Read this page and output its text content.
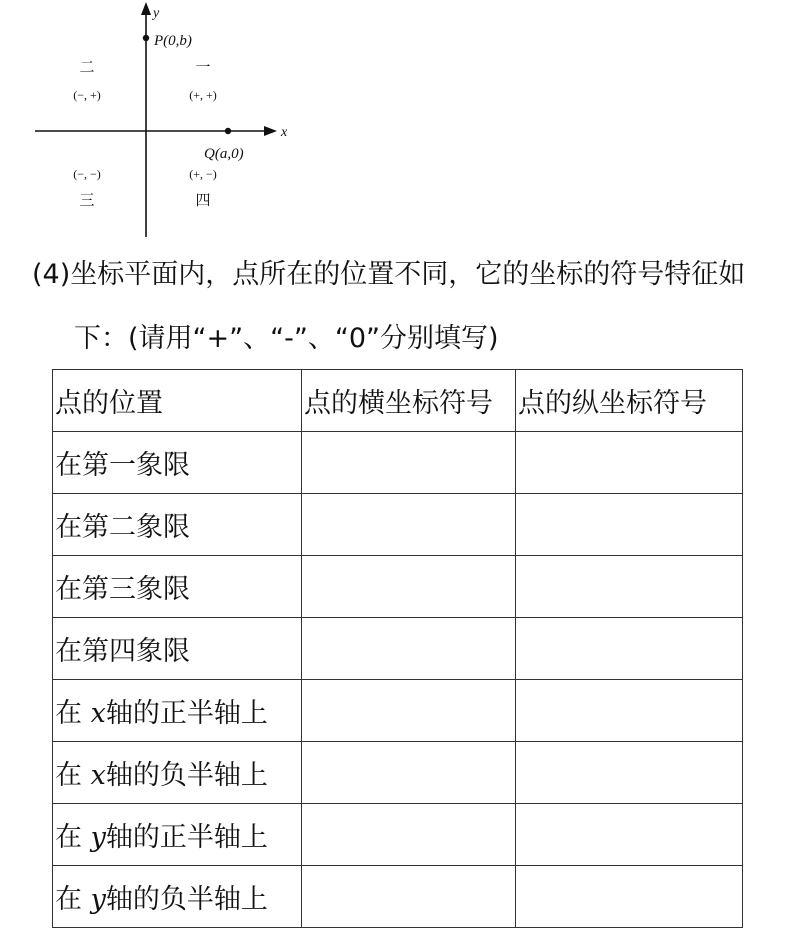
x
y
P(0,b)
Q(a,0)
一
(+, +)
二
(−, +)
(−, −)
三
(+, −)
四

(4)坐标平面内，点所在的位置不同，它的坐标的符号特征如

下：(请用“+”、“-”、“0”分别填写)

点的位置	点的横坐标符号	点的纵坐标符号
在第一象限		
在第二象限		
在第三象限		
在第四象限		
在 x轴的正半轴上		
在 x轴的负半轴上		
在 y轴的正半轴上		
在 y轴的负半轴上		
